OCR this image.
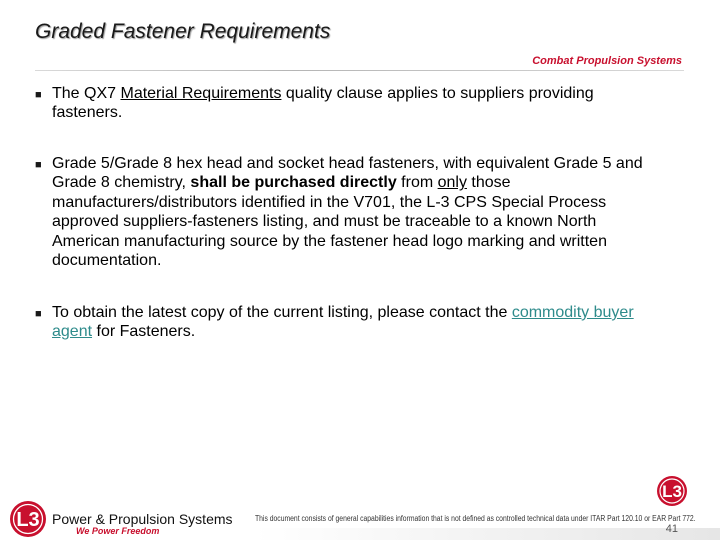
Graded Fastener Requirements
Combat Propulsion Systems
■ The QX7 Material Requirements quality clause applies to suppliers providing fasteners.
■ Grade 5/Grade 8 hex head and socket head fasteners, with equivalent Grade 5 and Grade 8 chemistry, shall be purchased directly from only those manufacturers/distributors identified in the V701, the L-3 CPS Special Process approved suppliers-fasteners listing, and must be traceable to a known North American manufacturing source by the fastener head logo marking and written documentation.
■ To obtain the latest copy of the current listing, please contact the commodity buyer agent for Fasteners.
L3
L3 Power & Propulsion Systems
We Power Freedom
This document consists of general capabilities information that is not defined as controlled technical data under ITAR Part 120.10 or EAR Part 772.
41
